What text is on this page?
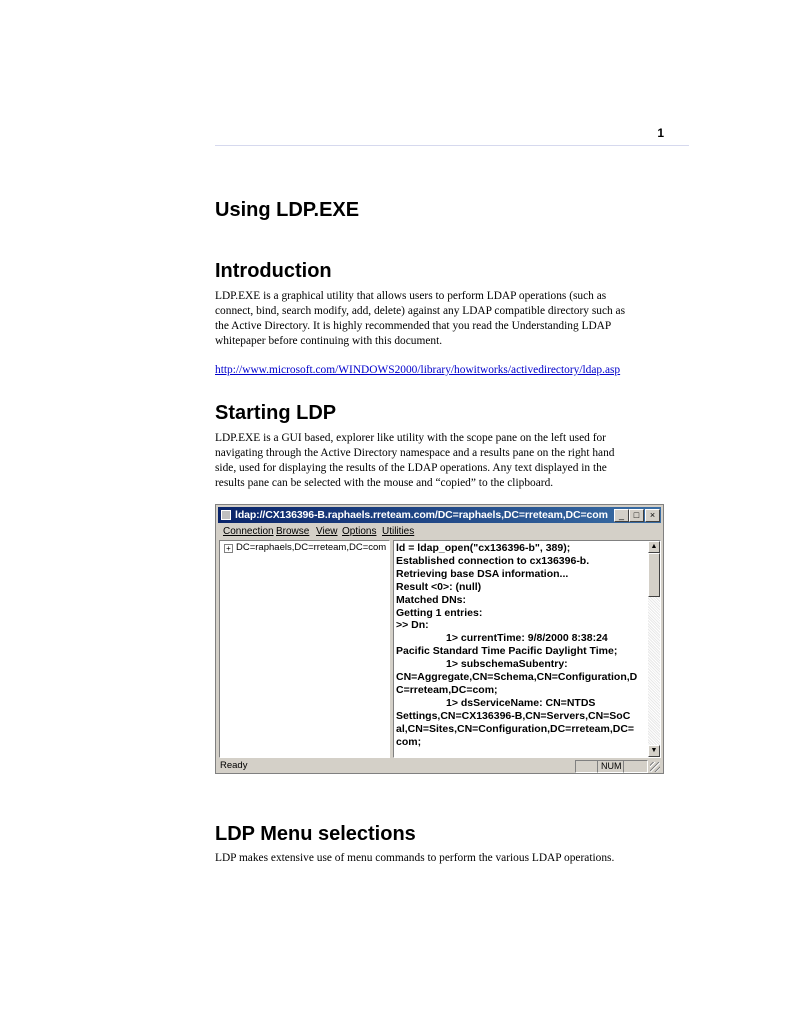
1
Using LDP.EXE
Introduction
LDP.EXE is a graphical utility that allows users to perform LDAP operations (such as
connect, bind, search modify, add, delete) against any LDAP compatible directory such as
the Active Directory. It is highly recommended that you read the Understanding LDAP
whitepaper before continuing with this document.
http://www.microsoft.com/WINDOWS2000/library/howitworks/activedirectory/ldap.asp
Starting LDP
LDP.EXE is a GUI based, explorer like utility with the scope pane on the left used for
navigating through the Active Directory namespace and a results pane on the right hand
side, used for displaying the results of the LDAP operations. Any text displayed in the
results pane can be selected with the mouse and “copied” to the clipboard.
ldap://CX136396-B.raphaels.rreteam.com/DC=raphaels,DC=rreteam,DC=com	_	□	×
Connection Browse View Options Utilities
+ DC=raphaels,DC=rreteam,DC=com ld = ldap_open("cx136396-b", 389);
Established connection to cx136396-b.
Retrieving base DSA information...
Result <0>: (null)
Matched DNs:
Getting 1 entries:
>> Dn:
1> currentTime: 9/8/2000 8:38:24
Pacific Standard Time Pacific Daylight Time;
1> subschemaSubentry:
CN=Aggregate,CN=Schema,CN=Configuration,D
C=rreteam,DC=com;
1> dsServiceName: CN=NTDS
Settings,CN=CX136396-B,CN=Servers,CN=SoC
al,CN=Sites,CN=Configuration,DC=rreteam,DC=
com;
▲
▼
Ready	NUM
LDP Menu selections
LDP makes extensive use of menu commands to perform the various LDAP operations.
